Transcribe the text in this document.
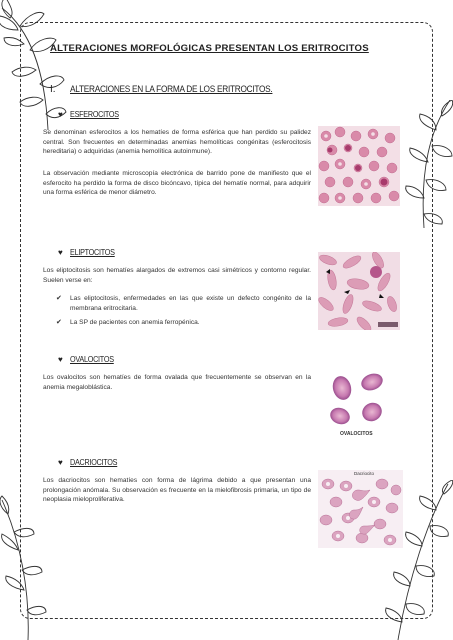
ALTERACIONES MORFOLÓGICAS PRESENTAN LOS ERITROCITOS
I. ALTERACIONES EN LA FORMA DE LOS ERITROCITOS.
♥ ESFEROCITOS
Se denominan esferocitos a los hematíes de forma esférica que han perdido su palidez central. Son frecuentes en determinadas anemias hemolíticas congénitas (esferocitosis hereditaria) o adquiridas (anemia hemolítica autoinmune).
La observación mediante microscopía electrónica de barrido pone de manifiesto que el esferocito ha perdido la forma de disco bicóncavo, típica del hematíe normal, para adquirir una forma esférica de menor diámetro.
♥ ELIPTOCITOS
Los eliptocitosis son hematíes alargados de extremos casi simétricos y contorno regular. Suelen verse en:
✔ Las eliptocitosis, enfermedades en las que existe un defecto congénito de la membrana eritrocitaria.
✔ La SP de pacientes con anemia ferropénica.
♥ OVALOCITOS
Los ovalocitos son hematíes de forma ovalada que frecuentemente se observan en la anemia megaloblástica.
OVALOCITOS
♥ DACRIOCITOS
Los dacriocitos son hematíes con forma de lágrima debido a que presentan una prolongación anómala. Su observación es frecuente en la mielofibrosis primaria, un tipo de neoplasia mieloproliferativa.
Dacriocito
